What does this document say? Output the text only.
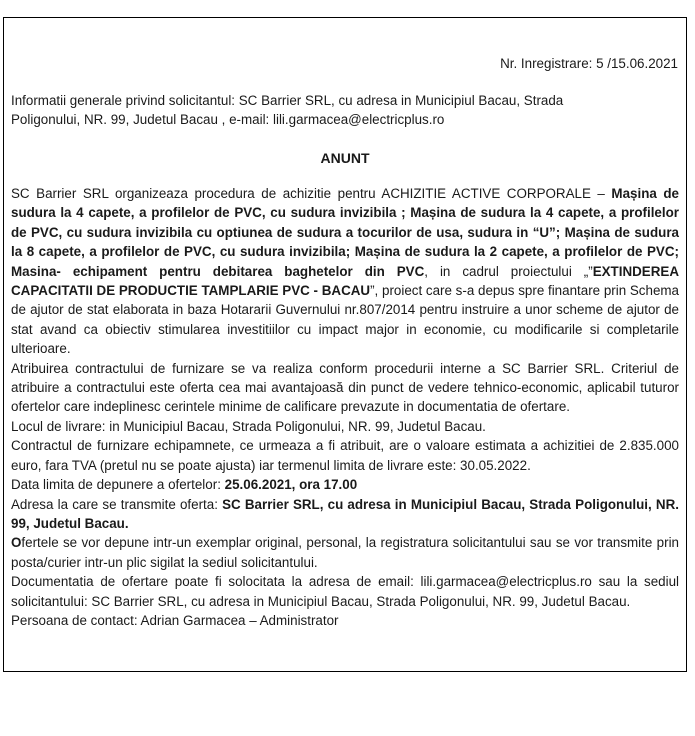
Nr. Inregistrare: 5 /15.06.2021
Informatii generale privind solicitantul: SC Barrier SRL, cu adresa in Municipiul Bacau, Strada
Poligonului, NR. 99, Judetul Bacau , e-mail: lili.garmacea@electricplus.ro
ANUNT

SC Barrier SRL organizeaza procedura de achizitie pentru ACHIZITIE ACTIVE CORPORALE – Mașina de sudura la 4 capete, a profilelor de PVC, cu sudura invizibila ; Mașina de sudura la 4 capete, a profilelor de PVC, cu sudura invizibila cu optiunea de sudura a tocurilor de usa, sudura in “U”; Mașina de sudura la 8 capete, a profilelor de PVC, cu sudura invizibila; Mașina de sudura la 2 capete, a profilelor de PVC; Masina- echipament pentru debitarea baghetelor din PVC, in cadrul proiectului „”EXTINDEREA CAPACITATII DE PRODUCTIE TAMPLARIE PVC - BACAU”, proiect care s-a depus spre finantare prin Schema de ajutor de stat elaborata in baza Hotararii Guvernului nr.807/2014 pentru instruire a unor scheme de ajutor de stat avand ca obiectiv stimularea investitiilor cu impact major in economie, cu modificarile si completarile ulterioare.

Atribuirea contractului de furnizare se va realiza conform procedurii interne a SC Barrier SRL. Criteriul de atribuire a contractului este oferta cea mai avantajoasă din punct de vedere tehnico-economic, aplicabil tuturor ofertelor care indeplinesc cerintele minime de calificare prevazute in documentatia de ofertare.

Locul de livrare: in Municipiul Bacau, Strada Poligonului, NR. 99, Judetul Bacau.

Contractul de furnizare echipamnete, ce urmeaza a fi atribuit, are o valoare estimata a achizitiei de 2.835.000 euro, fara TVA (pretul nu se poate ajusta) iar termenul limita de livrare este: 30.05.2022.

Data limita de depunere a ofertelor: 25.06.2021, ora 17.00

Adresa la care se transmite oferta: SC Barrier SRL, cu adresa in Municipiul Bacau, Strada Poligonului, NR. 99, Judetul Bacau.

Ofertele se vor depune intr-un exemplar original, personal, la registratura solicitantului sau se vor transmite prin posta/curier intr-un plic sigilat la sediul solicitantului.

Documentatia de ofertare poate fi solocitata la adresa de email: lili.garmacea@electricplus.ro sau la sediul solicitantului: SC Barrier SRL, cu adresa in Municipiul Bacau, Strada Poligonului, NR. 99, Judetul Bacau.

Persoana de contact: Adrian Garmacea – Administrator
